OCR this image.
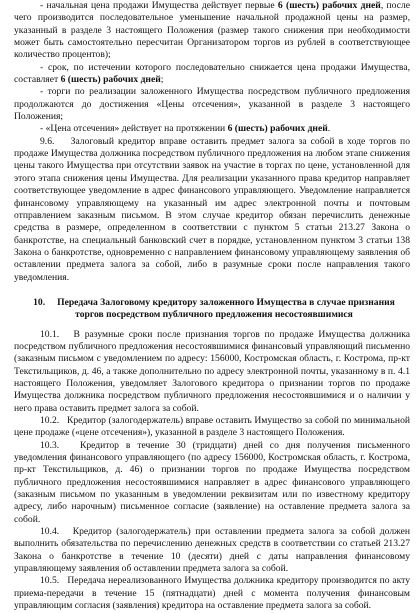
- начальная цена продажи Имущества действует первые 6 (шесть) рабочих дней, после чего производится последовательное уменьшение начальной продажной цены на размер, указанный в разделе 3 настоящего Положения (размер такого снижения при необходимости может быть самостоятельно пересчитан Организатором торгов из рублей в соответствующее количество процентов);

- срок, по истечении которого последовательно снижается цена продажи Имущества, составляет 6 (шесть) рабочих дней;

- торги по реализации заложенного Имущества посредством публичного предложения продолжаются до достижения «Цены отсечения», указанной в разделе 3 настоящего Положения;

- «Цена отсечения» действует на протяжении 6 (шесть) рабочих дней.

9.6.    Залоговый кредитор вправе оставить предмет залога за собой в ходе торгов по продаже Имущества должника посредством публичного предложения на любом этапе снижения цены такого Имущества при отсутствии заявок на участие в торгах по цене, установленной для этого этапа снижения цены Имущества. Для реализации указанного права кредитор направляет соответствующее уведомление в адрес финансового управляющего. Уведомление направляется финансовому управляющему на указанный им адрес электронной почты и почтовым отправлением заказным письмом. В этом случае кредитор обязан перечислить денежные средства в размере, определенном в соответствии с пунктом 5 статьи 213.27 Закона о банкротстве, на специальный банковский счет в порядке, установленном пунктом 3 статьи 138 Закона о банкротстве, одновременно с направлением финансовому управляющему заявления об оставлении предмета залога за собой, либо в разумные сроки после направления такого уведомления.

10. Передача Залоговому кредитору заложенного Имущества в случае признания торгов посредством публичного предложения несостоявшимися

10.1.   В разумные сроки после признания торгов по продаже Имущества должника посредством публичного предложения несостоявшимися финансовый управляющий письменно (заказным письмом с уведомлением по адресу: 156000, Костромская область, г. Кострома, пр-кт Текстильщиков, д. 46, а также дополнительно по адресу электронной почты, указанному в п. 4.1 настоящего Положения, уведомляет Залогового кредитора о признании торгов по продаже Имущества должника посредством публичного предложения несостоявшимися и о наличии у него права оставить предмет залога за собой.

10.2.   Кредитор (залогодержатель) вправе оставить Имущество за собой по минимальной цене продаже («цене отсечения»), указанной в разделе 3 настоящего Положения.

10.3.   Кредитор в течение 30 (тридцати) дней со дня получения письменного уведомления финансового управляющего (по адресу 156000, Костромская область, г. Кострома, пр-кт Текстильщиков, д. 46) о признании торгов по продаже Имущества посредством публичного предложения несостоявшимися направляет в адрес финансового управляющего (заказным письмом по указанным в уведомлении реквизитам или по известному кредитору адресу, либо нарочным) письменное согласие (заявление) на оставление предмета залога за собой.

10.4.   Кредитор (залогодержатель) при оставлении предмета залога за собой должен выполнить обязательства по перечислению денежных средств в соответствии со статьей 213.27 Закона о банкротстве в течение 10 (десяти) дней с даты направления финансовому управляющему заявления об оставлении предмета залога за собой.

10.5.   Передача нереализованного Имущества должника кредитору производится по акту приема-передачи в течение 15 (пятнадцати) дней с момента получения финансовым управляющим согласия (заявления) кредитора на оставление предмета залога за собой.
